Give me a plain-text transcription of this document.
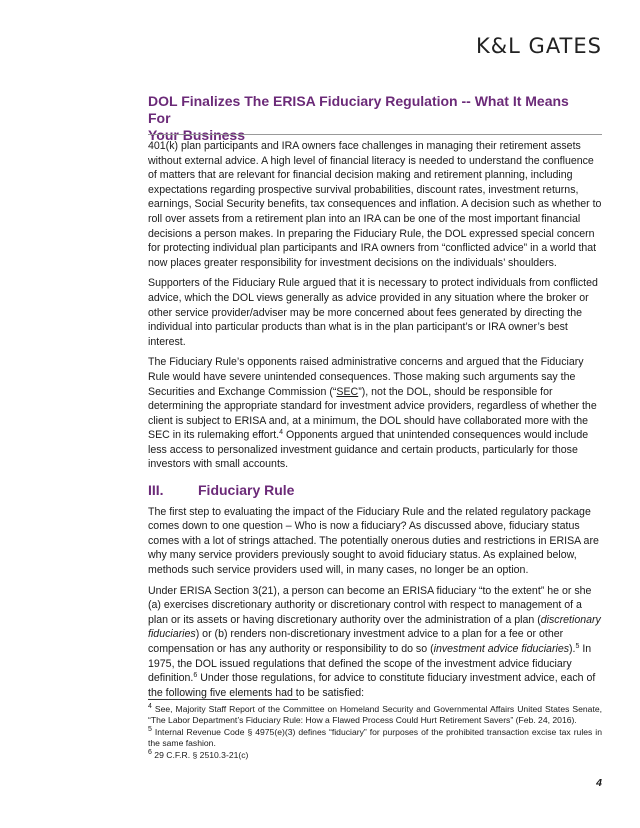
K&L GATES
DOL Finalizes The ERISA Fiduciary Regulation -- What It Means For
Your Business

401(k) plan participants and IRA owners face challenges in managing their retirement assets without external advice. A high level of financial literacy is needed to understand the confluence of matters that are relevant for financial decision making and retirement planning, including expectations regarding prospective survival probabilities, discount rates, investment returns, earnings, Social Security benefits, tax consequences and inflation. A decision such as whether to roll over assets from a retirement plan into an IRA can be one of the most important financial decisions a person makes. In preparing the Fiduciary Rule, the DOL expressed special concern for protecting individual plan participants and IRA owners from “conflicted advice” in a world that now places greater responsibility for investment decisions on the individuals’ shoulders.

Supporters of the Fiduciary Rule argued that it is necessary to protect individuals from conflicted advice, which the DOL views generally as advice provided in any situation where the broker or other service provider/adviser may be more concerned about fees generated by directing the individual into particular products than what is in the plan participant’s or IRA owner’s best interest.

The Fiduciary Rule’s opponents raised administrative concerns and argued that the Fiduciary Rule would have severe unintended consequences. Those making such arguments say the Securities and Exchange Commission (“SEC”), not the DOL, should be responsible for determining the appropriate standard for investment advice providers, regardless of whether the client is subject to ERISA and, at a minimum, the DOL should have collaborated more with the SEC in its rulemaking effort.$^4$ Opponents argued that unintended consequences would include less access to personalized investment guidance and certain products, particularly for those investors with small accounts.

III.	Fiduciary Rule

The first step to evaluating the impact of the Fiduciary Rule and the related regulatory package comes down to one question – Who is now a fiduciary? As discussed above, fiduciary status comes with a lot of strings attached. The potentially onerous duties and restrictions in ERISA are why many service providers previously sought to avoid fiduciary status. As explained below, methods such service providers used will, in many cases, no longer be an option.

Under ERISA Section 3(21), a person can become an ERISA fiduciary “to the extent” he or she (a) exercises discretionary authority or discretionary control with respect to management of a plan or its assets or having discretionary authority over the administration of a plan (discretionary fiduciaries) or (b) renders non-discretionary investment advice to a plan for a fee or other compensation or has any authority or responsibility to do so (investment advice fiduciaries).$^5$ In 1975, the DOL issued regulations that defined the scope of the investment advice fiduciary definition.$^6$ Under those regulations, for advice to constitute fiduciary investment advice, each of the following five elements had to be satisfied:

$^4$ See, Majority Staff Report of the Committee on Homeland Security and Governmental Affairs United States Senate, “The Labor Department’s Fiduciary Rule: How a Flawed Process Could Hurt Retirement Savers” (Feb. 24, 2016).
$^5$ Internal Revenue Code § 4975(e)(3) defines “fiduciary” for purposes of the prohibited transaction excise tax rules in the same fashion.
$^6$ 29 C.F.R. § 2510.3-21(c)
4
